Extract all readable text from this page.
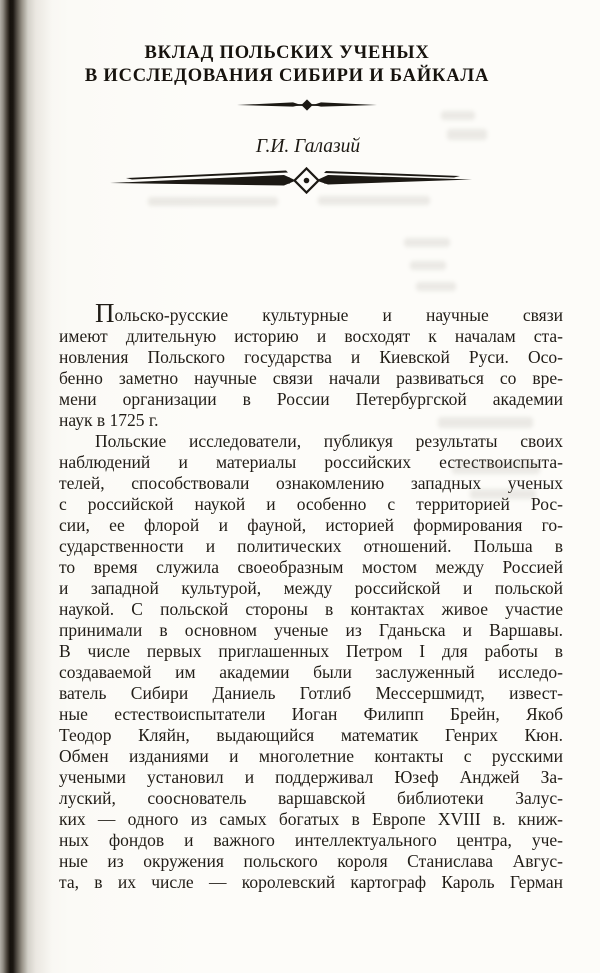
ВКЛАД ПОЛЬСКИХ УЧЕНЫХ
В ИССЛЕДОВАНИЯ СИБИРИ И БАЙКАЛА
Г.И. Галазий
Польско-русские культурные и научные связи
имеют длительную историю и восходят к началам ста-
новления Польского государства и Киевской Руси. Осо-
бенно заметно научные связи начали развиваться со вре-
мени организации в России Петербургской академии
наук в 1725 г.
Польские исследователи, публикуя результаты своих
наблюдений и материалы российских естествоиспыта-
телей, способствовали ознакомлению западных ученых
с российской наукой и особенно с территорией Рос-
сии, ее флорой и фауной, историей формирования го-
сударственности и политических отношений. Польша в
то время служила своеобразным мостом между Россией
и западной культурой, между российской и польской
наукой. С польской стороны в контактах живое участие
принимали в основном ученые из Гданьска и Варшавы.
В числе первых приглашенных Петром I для работы в
создаваемой им академии были заслуженный исследо-
ватель Сибири Даниель Готлиб Мессершмидт, извест-
ные естествоиспытатели Иоган Филипп Брейн, Якоб
Теодор Кляйн, выдающийся математик Генрих Кюн.
Обмен изданиями и многолетние контакты с русскими
учеными установил и поддерживал Юзеф Анджей За-
луский, сооснователь варшавской библиотеки Залус-
ких — одного из самых богатых в Европе XVIII в. книж-
ных фондов и важного интеллектуального центра, уче-
ные из окружения польского короля Станислава Авгус-
та, в их числе — королевский картограф Кароль Герман
